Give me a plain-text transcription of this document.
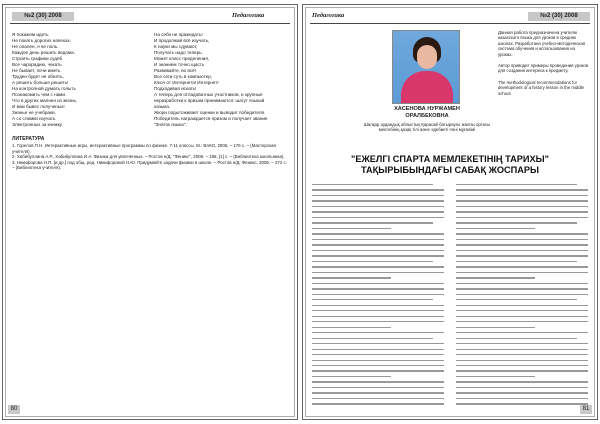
№2 (30) 2008	Педагогика
Я покажем идеть
Не покать дорогих напехах,
Не опален, я не поль.
Каждое день решать ведома.
Строить графики судеб
Все чарорадию, чекать
Не бывает, почи иметь
Труден будет не обнять,
А решить больше решить!
На контролной думать голыть
Познакомить чем с нами.
Что в других малнен из жизнь,
И вам бывес полученых!
Знанье не учебраки,
А со слимки изучать
Электронных за книжку
На себя не пражедать!
И продолжай всё изучать,
К науки мы сдувают,
Получать надо теперь.
Может класс пределения,
И знанием точно щасть
Развивайте, во всё!
Все сеги суть в компьютер,
Ключ от Интернета! Интернет!
Подходивая искать!
А теперь для отладоватных участников, и крупные
неразработки к призам принимаются: шагут языкай
хазыка.
Жюри подытоживает оценки и выводит победителя.
Победитель награждается призом и получает звание
"Знаток языка".
ЛИТЕРАТУРА
1. Горелов П.Н. Интерактивные игры, интерактивные программы по физике. 7-11 классы. М.: ВАКО, 2006. – 176 с. – (Мастерская учителя).
2. Хабибуллина А.Р., Хабибуллина И.А. Физика для увлечённых. – Ростов н/Д: "Феникс", 2006. – 186, [1] с. – (Библиотека школьника).
3. Никифорова Н.П. [и др.] под общ. ред. Никифоровой Н.Ю. Придумайте задачи физики в школе. – Ростов н/Д: Феникс, 2006. – 272 с. – (Библиотека учителя).
80
Педагогика	№2 (30) 2008
ХАСЕНОВА НУРЖАМЕН
ОРАЛБЕКОВНА
Шалқар аудандық облыстық Қарасай батыраугы жалпы ортасы мектебінің қазақ тілі және әдебиеті пәні мұғалімі
Данная работа предназначена учителю казахского языка для уроков в средних школах. Разработана учебно-методическая система обучения и использования на уроках.
Автор приводит примеры проведения уроков для создания интереса к предмету.
The methodological recommendations for development of a history lesson in the middle school.
"ЕЖЕЛГІ СПАРТА МЕМЛЕКЕТІНІҢ ТАРИХЫ"
ТАҚЫРЫБЫНДАҒЫ САБАҚ ЖОСПАРЫ
81
